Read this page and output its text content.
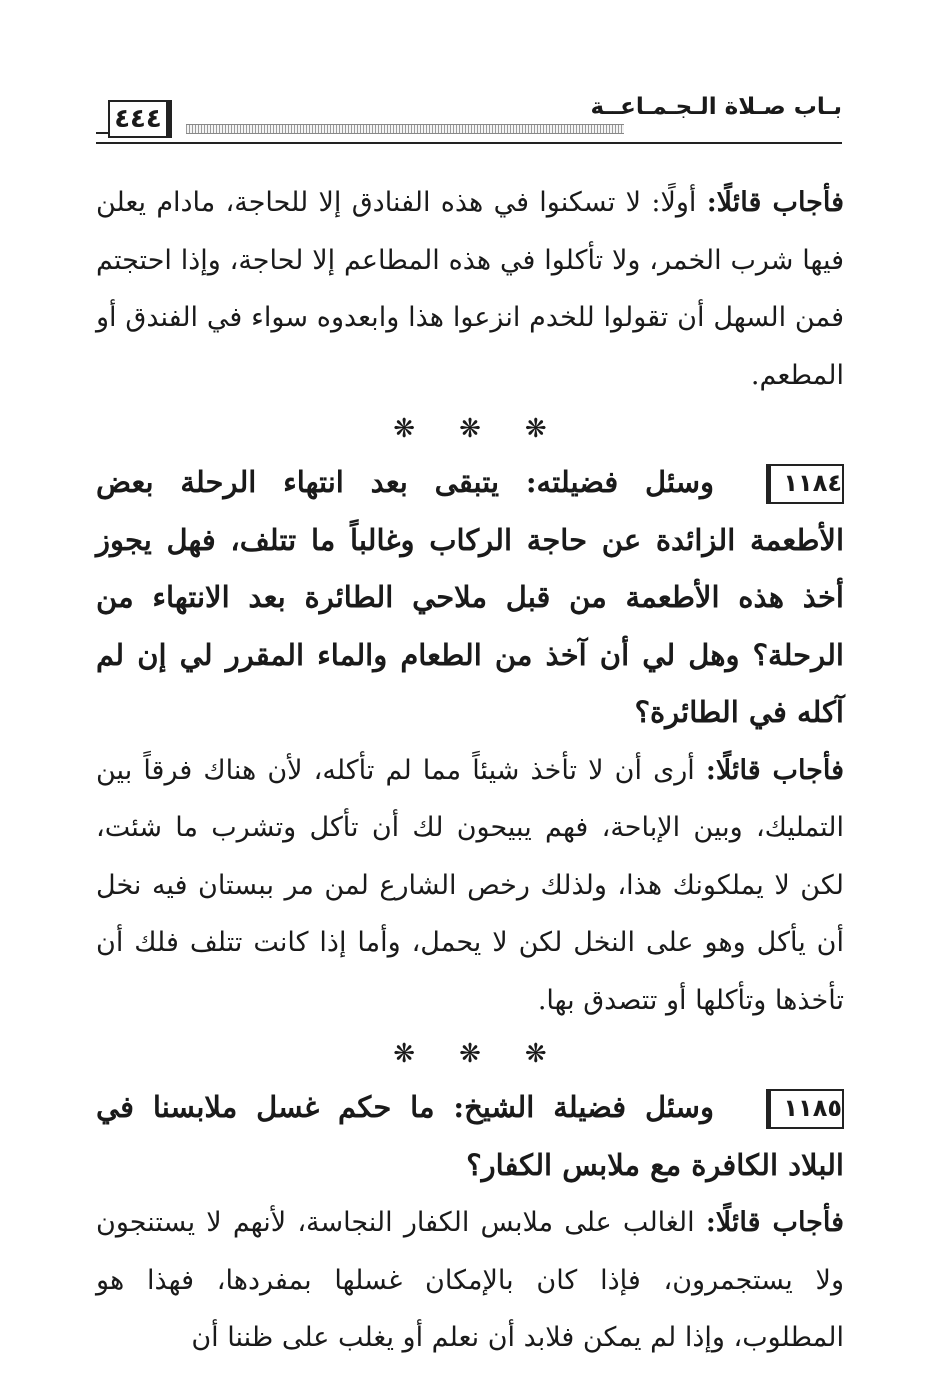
بـاب صـلاة الـجـمـاعــة
٤٤٤

فأجاب قائلًا: أولًا: لا تسكنوا في هذه الفنادق إلا للحاجة، مادام يعلن فيها شرب الخمر، ولا تأكلوا في هذه المطاعم إلا لحاجة، وإذا احتجتم فمن السهل أن تقولوا للخدم انزعوا هذا وابعدوه سواء في الفندق أو المطعم.

❋ ❋ ❋

١١٨٤
وسئل فضيلته: يتبقى بعد انتهاء الرحلة بعض الأطعمة الزائدة عن حاجة الركاب وغالباً ما تتلف، فهل يجوز أخذ هذه الأطعمة من قبل ملاحي الطائرة بعد الانتهاء من الرحلة؟ وهل لي أن آخذ من الطعام والماء المقرر لي إن لم آكله في الطائرة؟

فأجاب قائلًا: أرى أن لا تأخذ شيئاً مما لم تأكله، لأن هناك فرقاً بين التمليك، وبين الإباحة، فهم يبيحون لك أن تأكل وتشرب ما شئت، لكن لا يملكونك هذا، ولذلك رخص الشارع لمن مر ببستان فيه نخل أن يأكل وهو على النخل لكن لا يحمل، وأما إذا كانت تتلف فلك أن تأخذها وتأكلها أو تتصدق بها.

❋ ❋ ❋

١١٨٥
وسئل فضيلة الشيخ: ما حكم غسل ملابسنا في البلاد الكافرة مع ملابس الكفار؟

فأجاب قائلًا: الغالب على ملابس الكفار النجاسة، لأنهم لا يستنجون ولا يستجمرون، فإذا كان بالإمكان غسلها بمفردها، فهذا هو المطلوب، وإذا لم يمكن فلابد أن نعلم أو يغلب على ظننا أن
